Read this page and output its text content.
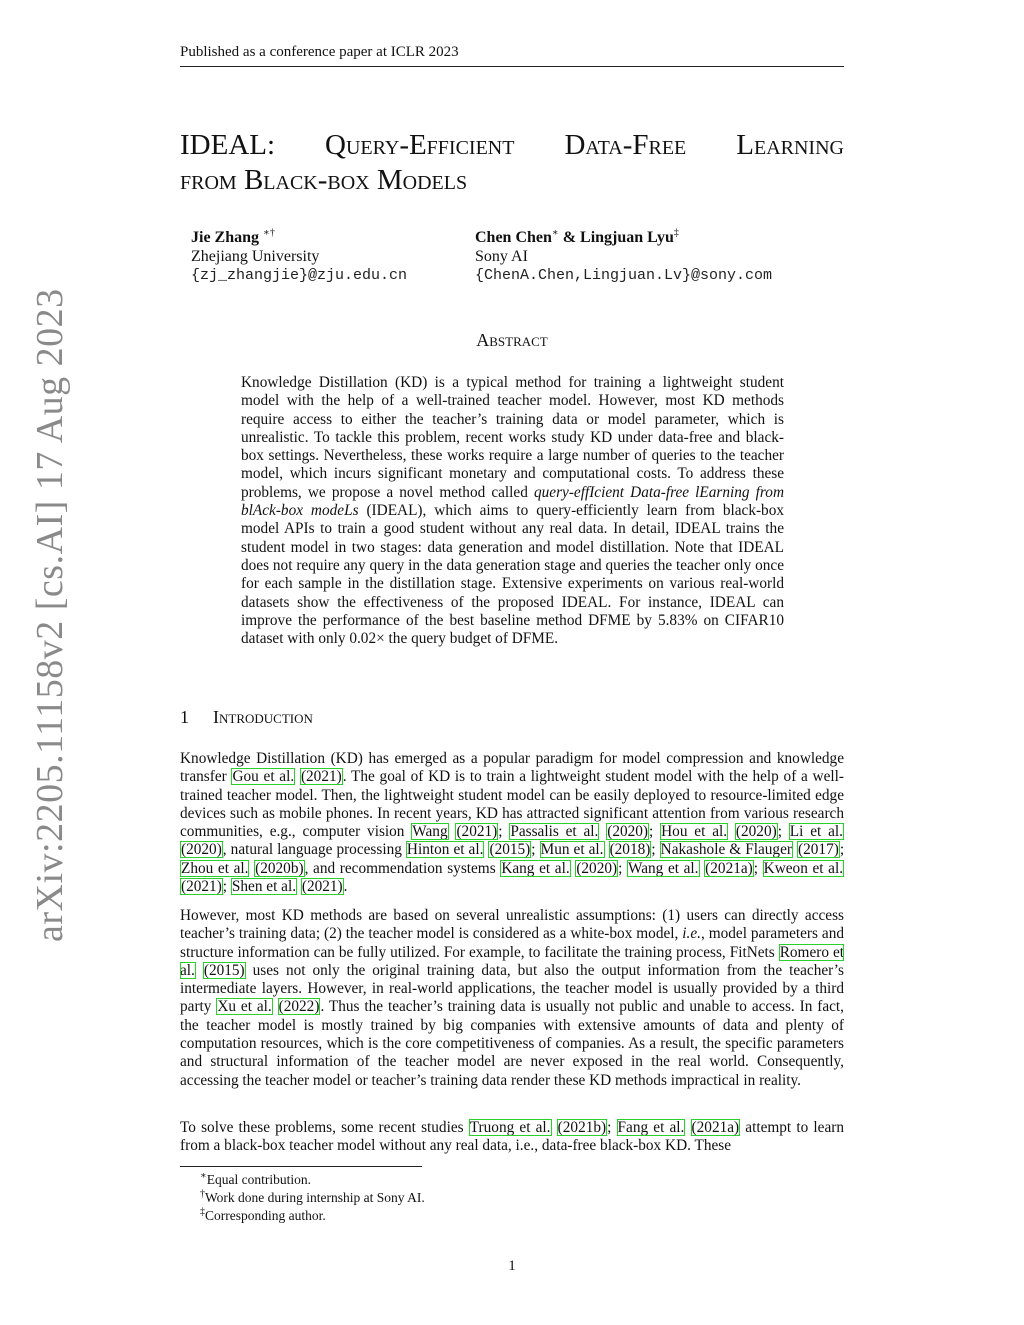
Published as a conference paper at ICLR 2023
arXiv:2205.11158v2 [cs.AI] 17 Aug 2023
IDEAL: Query-Efficient Data-Free Learning
from Black-box Models
Jie Zhang ∗†
Zhejiang University
{zj_zhangjie}@zju.edu.cn
Chen Chen∗ & Lingjuan Lyu‡
Sony AI
{ChenA.Chen,Lingjuan.Lv}@sony.com
Abstract
Knowledge Distillation (KD) is a typical method for training a lightweight student model with the help of a well-trained teacher model. However, most KD methods require access to either the teacher’s training data or model parameter, which is unrealistic. To tackle this problem, recent works study KD under data-free and black-box settings. Nevertheless, these works require a large number of queries to the teacher model, which incurs significant monetary and computational costs. To address these problems, we propose a novel method called query-effIcient Data-free lEarning from blAck-box modeLs (IDEAL), which aims to query-efficiently learn from black-box model APIs to train a good student without any real data. In detail, IDEAL trains the student model in two stages: data generation and model distillation. Note that IDEAL does not require any query in the data generation stage and queries the teacher only once for each sample in the distillation stage. Extensive experiments on various real-world datasets show the effectiveness of the proposed IDEAL. For instance, IDEAL can improve the performance of the best baseline method DFME by 5.83% on CIFAR10 dataset with only 0.02× the query budget of DFME.
1 Introduction
Knowledge Distillation (KD) has emerged as a popular paradigm for model compression and knowledge transfer Gou et al. (2021). The goal of KD is to train a lightweight student model with the help of a well-trained teacher model. Then, the lightweight student model can be easily deployed to resource-limited edge devices such as mobile phones. In recent years, KD has attracted significant attention from various research communities, e.g., computer vision Wang (2021); Passalis et al. (2020); Hou et al. (2020); Li et al. (2020), natural language processing Hinton et al. (2015); Mun et al. (2018); Nakashole & Flauger (2017); Zhou et al. (2020b), and recommendation systems Kang et al. (2020); Wang et al. (2021a); Kweon et al. (2021); Shen et al. (2021).
However, most KD methods are based on several unrealistic assumptions: (1) users can directly access teacher’s training data; (2) the teacher model is considered as a white-box model, i.e., model parameters and structure information can be fully utilized. For example, to facilitate the training process, FitNets Romero et al. (2015) uses not only the original training data, but also the output information from the teacher’s intermediate layers. However, in real-world applications, the teacher model is usually provided by a third party Xu et al. (2022). Thus the teacher’s training data is usually not public and unable to access. In fact, the teacher model is mostly trained by big companies with extensive amounts of data and plenty of computation resources, which is the core competitiveness of companies. As a result, the specific parameters and structural information of the teacher model are never exposed in the real world. Consequently, accessing the teacher model or teacher’s training data render these KD methods impractical in reality.
To solve these problems, some recent studies Truong et al. (2021b); Fang et al. (2021a) attempt to learn from a black-box teacher model without any real data, i.e., data-free black-box KD. These
∗Equal contribution.
†Work done during internship at Sony AI.
‡Corresponding author.
1
